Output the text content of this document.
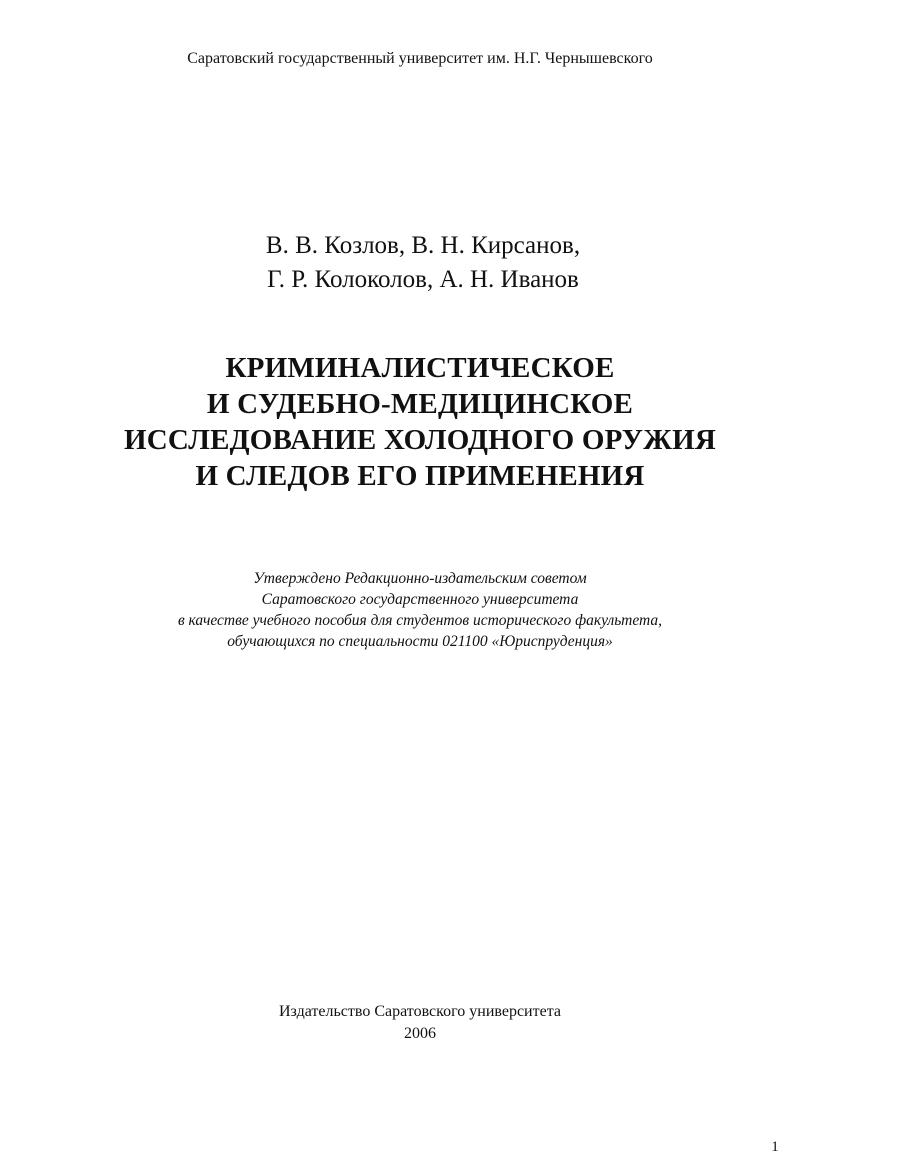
Саратовский государственный университет им. Н.Г. Чернышевского
В. В. Козлов, В. Н. Кирсанов,
Г. Р. Колоколов, А. Н. Иванов
КРИМИНАЛИСТИЧЕСКОЕ
И СУДЕБНО-МЕДИЦИНСКОЕ
ИССЛЕДОВАНИЕ ХОЛОДНОГО ОРУЖИЯ
И СЛЕДОВ ЕГО ПРИМЕНЕНИЯ
Утверждено Редакционно-издательским советом
Саратовского государственного университета
в качестве учебного пособия для студентов исторического факультета,
обучающихся по специальности 021100 «Юриспруденция»
Издательство Саратовского университета
2006
1
